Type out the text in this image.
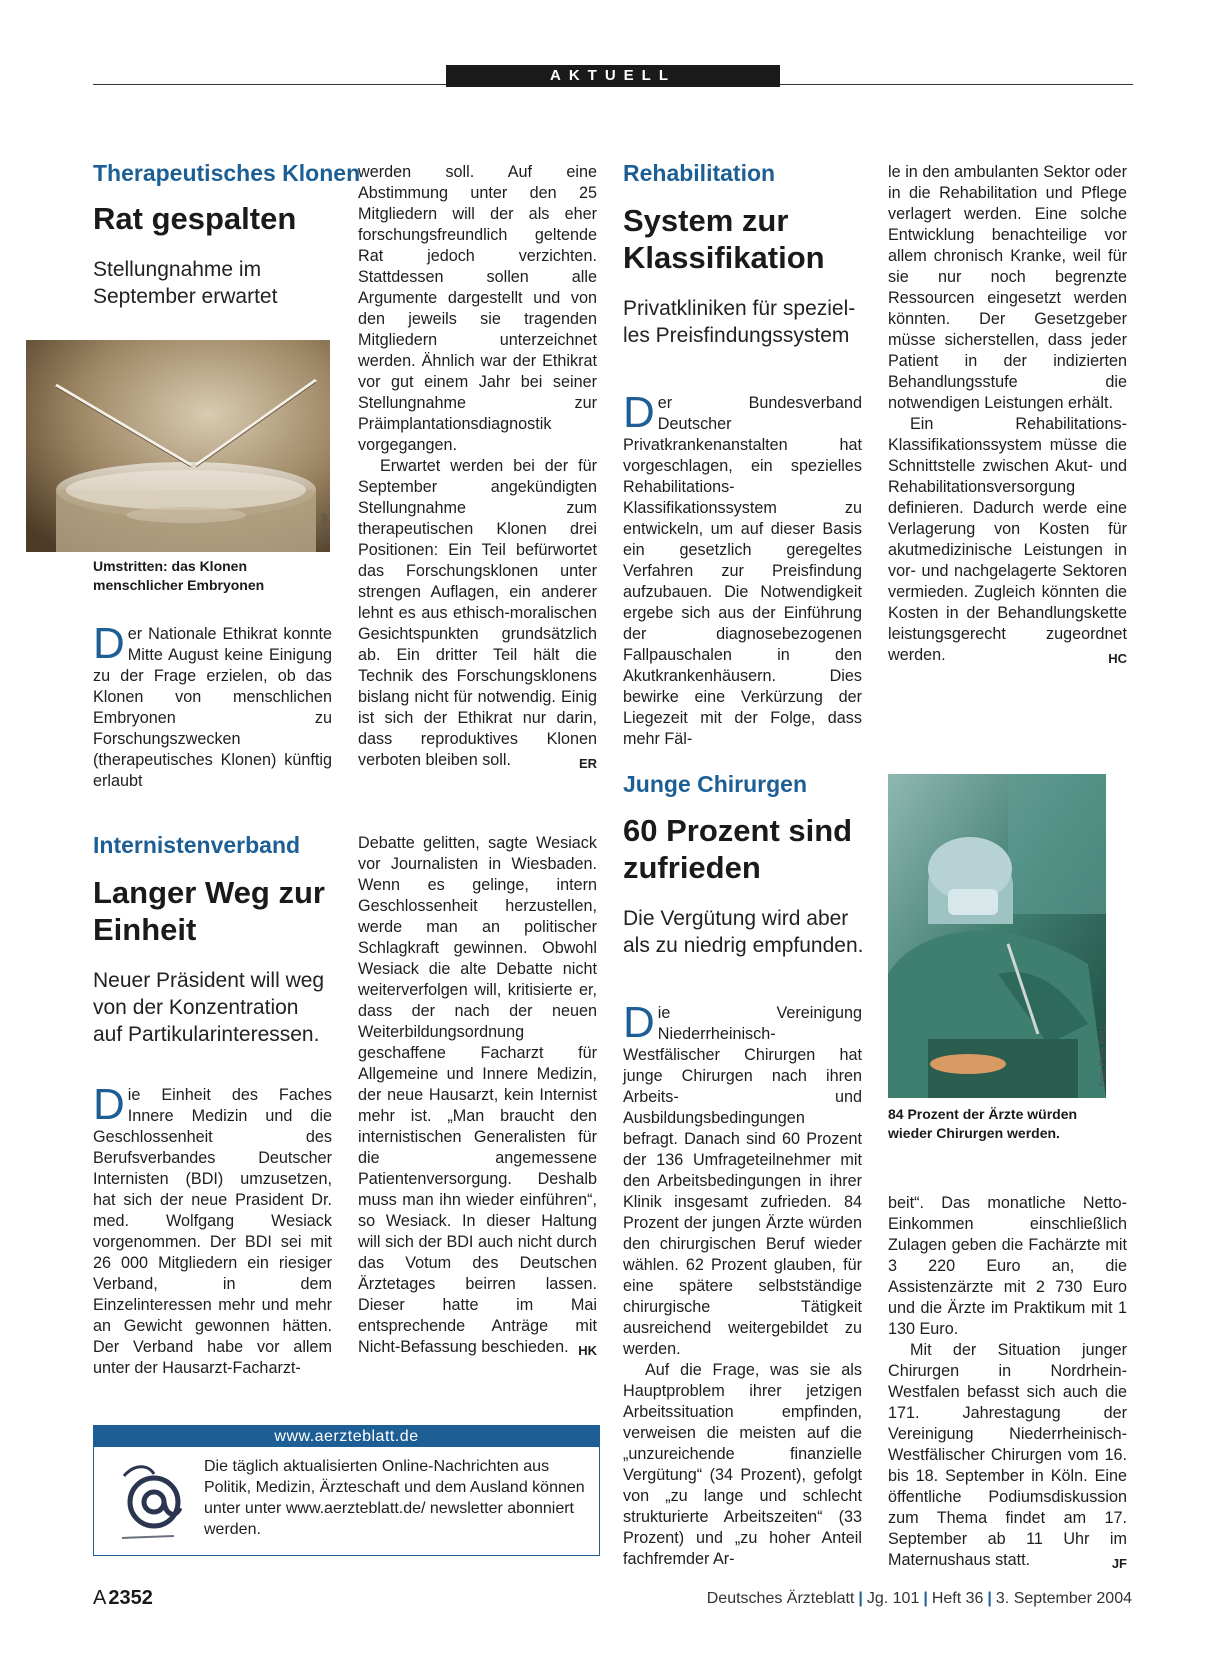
AKTUELL
Therapeutisches Klonen
Rat gespalten
Stellungnahme im
September erwartet
Foto: laif
Umstritten: das Klonen menschlicher Embryonen

Der Nationale Ethikrat konnte Mitte August keine Einigung zu der Frage erzielen, ob das Klonen von menschlichen Embryonen zu Forschungszwecken (therapeutisches Klonen) künftig erlaubt

werden soll. Auf eine Abstimmung unter den 25 Mitgliedern will der als eher forschungsfreundlich geltende Rat jedoch verzichten. Stattdessen sollen alle Argumente dargestellt und von den jeweils sie tragenden Mitgliedern unterzeichnet werden. Ähnlich war der Ethikrat vor gut einem Jahr bei seiner Stellungnahme zur Präimplantationsdiagnostik vorgegangen.

Erwartet werden bei der für September angekündigten Stellungnahme zum therapeutischen Klonen drei Positionen: Ein Teil befürwortet das Forschungsklonen unter strengen Auflagen, ein anderer lehnt es aus ethisch-moralischen Gesichtspunkten grundsätzlich ab. Ein dritter Teil hält die Technik des Forschungsklonens bislang nicht für notwendig. Einig ist sich der Ethikrat nur darin, dass reproduktives Klonen verboten bleiben soll.	ER

Internistenverband
Langer Weg zur
Einheit
Neuer Präsident will weg
von der Konzentration
auf Partikularinteressen.

Die Einheit des Faches Innere Medizin und die Geschlossenheit des Berufsverbandes Deutscher Internisten (BDI) umzusetzen, hat sich der neue Prasident Dr. med. Wolfgang Wesiack vorgenommen. Der BDI sei mit 26 000 Mitgliedern ein riesiger Verband, in dem Einzelinteressen mehr und mehr an Gewicht gewonnen hätten. Der Verband habe vor allem unter der Hausarzt-Facharzt-

Debatte gelitten, sagte Wesiack vor Journalisten in Wiesbaden. Wenn es gelinge, intern Geschlossenheit herzustellen, werde man an politischer Schlagkraft gewinnen. Obwohl Wesiack die alte Debatte nicht weiterverfolgen will, kritisierte er, dass der nach der neuen Weiterbildungsordnung geschaffene Facharzt für Allgemeine und Innere Medizin, der neue Hausarzt, kein Internist mehr ist. „Man braucht den internistischen Generalisten für die angemessene Patientenversorgung. Deshalb muss man ihn wieder einführen“, so Wesiack. In dieser Haltung will sich der BDI auch nicht durch das Votum des Deutschen Ärztetages beirren lassen. Dieser hatte im Mai entsprechende Anträge mit Nicht-Befassung beschieden. HK

www.aerzteblatt.de
Die täglich aktualisierten Online-Nachrichten aus Politik, Medizin, Ärzteschaft und dem Ausland können unter unter www.aerzteblatt.de/ newsletter abonniert werden.
Rehabilitation
System zur
Klassifikation
Privatkliniken für speziel-
les Preisfindungssystem

Der Bundesverband Deutscher Privatkrankenanstalten hat vorgeschlagen, ein spezielles Rehabilitations-Klassifikationssystem zu entwickeln, um auf dieser Basis ein gesetzlich geregeltes Verfahren zur Preisfindung aufzubauen. Die Notwendigkeit ergebe sich aus der Einführung der diagnosebezogenen Fallpauschalen in den Akutkrankenhäusern. Dies bewirke eine Verkürzung der Liegezeit mit der Folge, dass mehr Fäl-

le in den ambulanten Sektor oder in die Rehabilitation und Pflege verlagert werden. Eine solche Entwicklung benachteilige vor allem chronisch Kranke, weil für sie nur noch begrenzte Ressourcen eingesetzt werden könnten. Der Gesetzgeber müsse sicherstellen, dass jeder Patient in der indizierten Behandlungsstufe die notwendigen Leistungen erhält.

Ein Rehabilitations-Klassifikationssystem müsse die Schnittstelle zwischen Akut- und Rehabilitationsversorgung definieren. Dadurch werde eine Verlagerung von Kosten für akutmedizinische Leistungen in vor- und nachgelagerte Sektoren vermieden. Zugleich könnten die Kosten in der Behandlungskette leistungsgerecht zugeordnet werden.	HC

Junge Chirurgen
60 Prozent sind
zufrieden
Die Vergütung wird aber
als zu niedrig empfunden.
Foto: Peter Wirtz
84 Prozent der Ärzte würden
wieder Chirurgen werden.

Die Vereinigung Niederrheinisch-Westfälischer Chirurgen hat junge Chirurgen nach ihren Arbeits- und Ausbildungsbedingungen befragt. Danach sind 60 Prozent der 136 Umfrageteilnehmer mit den Arbeitsbedingungen in ihrer Klinik insgesamt zufrieden. 84 Prozent der jungen Ärzte würden den chirurgischen Beruf wieder wählen. 62 Prozent glauben, für eine spätere selbstständige chirurgische Tätigkeit ausreichend weitergebildet zu werden.

Auf die Frage, was sie als Hauptproblem ihrer jetzigen Arbeitssituation empfinden, verweisen die meisten auf die „unzureichende finanzielle Vergütung“ (34 Prozent), gefolgt von „zu lange und schlecht strukturierte Arbeitszeiten“ (33 Prozent) und „zu hoher Anteil fachfremder Ar-

beit“. Das monatliche Netto-Einkommen einschließlich Zulagen geben die Fachärzte mit 3 220 Euro an, die Assistenzärzte mit 2 730 Euro und die Ärzte im Praktikum mit 1 130 Euro.

Mit der Situation junger Chirurgen in Nordrhein-Westfalen befasst sich auch die 171. Jahrestagung der Vereinigung Niederrheinisch-Westfälischer Chirurgen vom 16. bis 18. September in Köln. Eine öffentliche Podiumsdiskussion zum Thema findet am 17. September ab 11 Uhr im Maternushaus statt.	JF

A 2352	Deutsches Ärzteblatt | Jg. 101 | Heft 36 | 3. September 2004
